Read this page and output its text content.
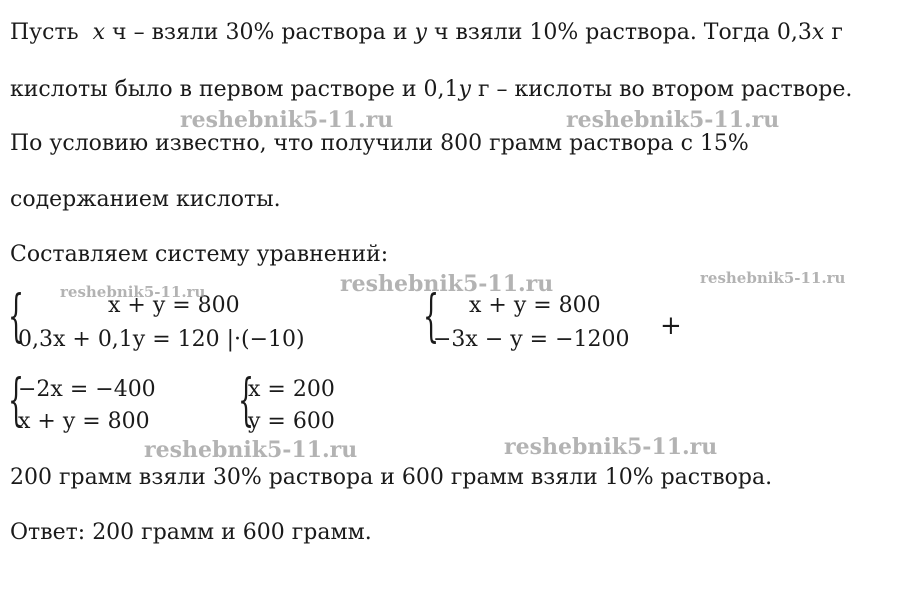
Пусть x ч – взяли 30% раствора и y ч взяли 10% раствора. Тогда 0,3x г
кислоты было в первом растворе и 0,1y г – кислоты во втором растворе.
По условию известно, что получили 800 грамм раствора с 15%
содержанием кислоты.
Составляем систему уравнений:
{	x + y = 800
0,3x + 0,1y = 120 |·(−10) { x + y = 800
−3x − y = −1200 +
{
−2x = −400
x + y = 800 {
x = 200
y = 600
200 грамм взяли 30% раствора и 600 грамм взяли 10% раствора.
Ответ: 200 грамм и 600 грамм.
reshebnik5-11.ru	reshebnik5-11.ru
reshebnik5-11.ru
reshebnik5-11.ru
reshebnik5-11.ru
reshebnik5-11.ru	reshebnik5-11.ru
